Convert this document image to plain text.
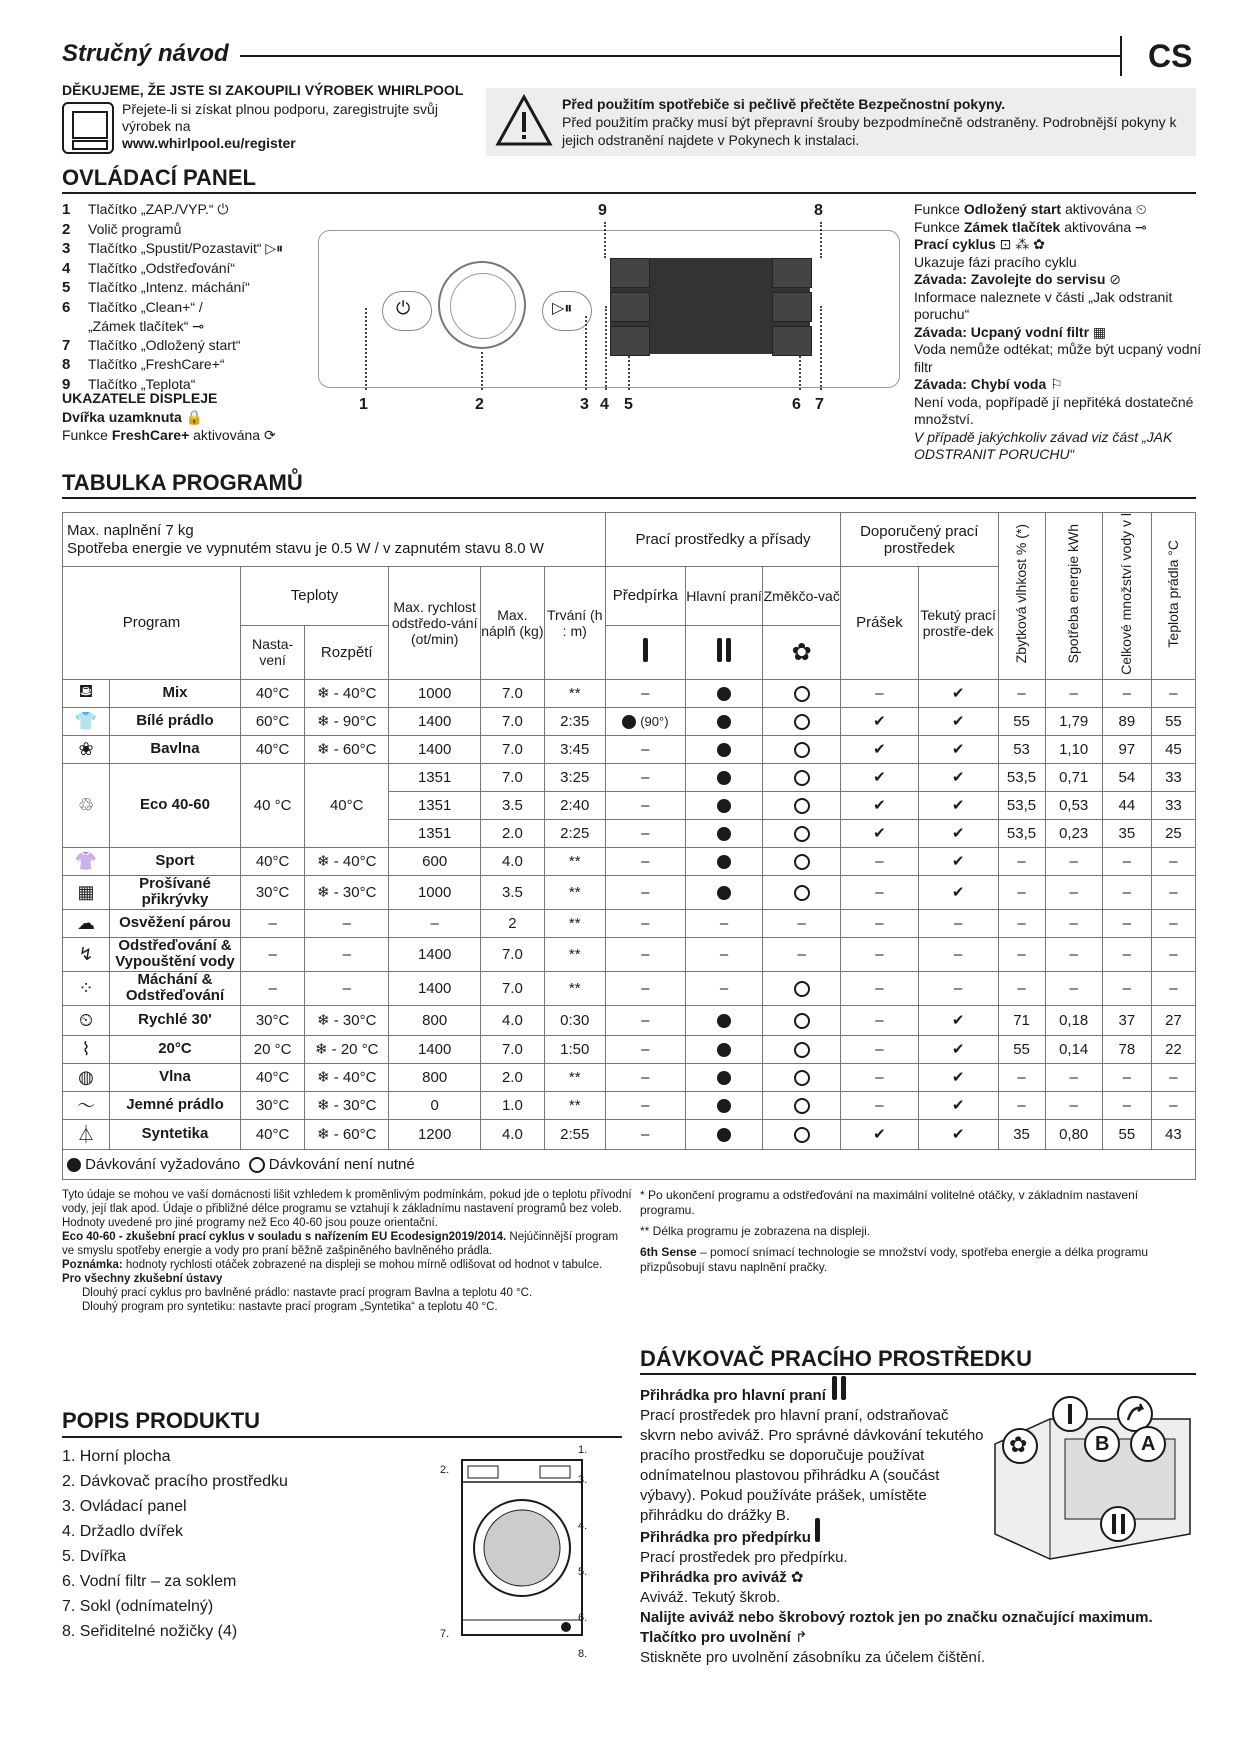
Stručný návod	CS
DĚKUJEME, ŽE JSTE SI ZAKOUPILI VÝROBEK WHIRLPOOL
Přejete-li si získat plnou podporu, zaregistrujte svůj výrobek na
www.whirlpool.eu/register
Před použitím spotřebiče si pečlivě přečtěte Bezpečnostní pokyny.
Před použitím pračky musí být přepravní šrouby bezpodmínečně odstraněny. Podrobnější pokyny k jejich odstranění najdete v Pokynech k instalaci.
OVLÁDACÍ PANEL
1 Tlačítko „ZAP./VYP.“ ⏻
2 Volič programů
3 Tlačítko „Spustit/Pozastavit“ ▷⏸
4 Tlačítko „Odstřeďování“
5 Tlačítko „Intenz. máchání“
6 Tlačítko „Clean+“ /
„Zámek tlačítek“ ⊸
7 Tlačítko „Odložený start“
8 Tlačítko „FreshCare+“
9 Tlačítko „Teplota“
UKAZATELE DISPLEJE
Dvířka uzamknuta 🔒
Funkce FreshCare+ aktivována ⟳
⏻	▷⏸
1	2	3 4 5	6 7
8
9	Funkce Odložený start aktivována ⏲
Funkce Zámek tlačítek aktivována ⊸
Prací cyklus ⊡ ⁂ ✿
Ukazuje fázi pracího cyklu
Závada: Zavolejte do servisu ⊘
Informace naleznete v části „Jak odstranit poruchu“
Závada: Ucpaný vodní filtr ▦
Voda nemůže odtékat; může být ucpaný vodní filtr
Závada: Chybí voda ⚐
Není voda, popřípadě jí nepřitéká dostatečné množství.
V případě jakýchkoliv závad viz část „JAK ODSTRANIT PORUCHU“
TABULKA PROGRAMŮ
Max. naplnění 7 kg
Spotřeba energie ve vypnutém stavu je 0.5 W / v zapnutém stavu 8.0 W							Prací prostředky a přísady			Doporučený prací prostředek		Zbytková vlhkost % (*)	Spotřeba energie kWh	Celkové množství vody v l	Teplota prádla °C
Program		Teploty		Max. rychlost odstředo-vání (ot/min)	Max. náplň (kg)	Trvání (h : m)	Předpírka	Hlavní praní	Změkčo-vač	Prášek	Tekutý prací prostře-dek				
		Nasta-vení	Rozpětí						✿						
⛾	Mix	40°C	❄ - 40°C	1000	7.0	**	–			–	✔	–	–	–	–
👕	Bílé prádlo	60°C	❄ - 90°C	1400	7.0	2:35	(90°)			✔	✔	55	1,79	89	55
❀	Bavlna	40°C	❄ - 60°C	1400	7.0	3:45	–			✔	✔	53	1,10	97	45
♲	Eco 40-60	40 °C	40°C	1351	7.0	3:25	–			✔	✔	53,5	0,71	54	33
				1351	3.5	2:40	–			✔	✔	53,5	0,53	44	33
				1351	2.0	2:25	–			✔	✔	53,5	0,23	35	25
👚	Sport	40°C	❄ - 40°C	600	4.0	**	–			–	✔	–	–	–	–
▦	Prošívané přikrývky	30°C	❄ - 30°C	1000	3.5	**	–			–	✔	–	–	–	–
☁	Osvěžení párou	–	–	–	2	**	–	–	–	–	–	–	–	–	–
↯	Odstřeďování & Vypouštění vody	–	–	1400	7.0	**	–	–	–	–	–	–	–	–	–
⁘	Máchání & Odstřeďování	–	–	1400	7.0	**	–	–		–	–	–	–	–	–
⏲	Rychlé 30'	30°C	❄ - 30°C	800	4.0	0:30	–			–	✔	71	0,18	37	27
⌇	20°C	20 °C	❄ - 20 °C	1400	7.0	1:50	–			–	✔	55	0,14	78	22
◍	Vlna	40°C	❄ - 40°C	800	2.0	**	–			–	✔	–	–	–	–
〜	Jemné prádlo	30°C	❄ - 30°C	0	1.0	**	–			–	✔	–	–	–	–
⏃	Syntetika	40°C	❄ - 60°C	1200	4.0	2:55	–			✔	✔	35	0,80	55	43
Dávkování vyžadováno Dávkování není nutné															
Tyto údaje se mohou ve vaší domácnosti lišit vzhledem k proměnlivým podmínkám, pokud jde o teplotu přívodní vody, její tlak apod. Údaje o přibližné délce programu se vztahují k základnímu nastavení programů bez voleb. Hodnoty uvedené pro jiné programy než Eco 40-60 jsou pouze orientační.
Eco 40-60 - zkušební prací cyklus v souladu s nařízením EU Ecodesign2019/2014. Nejúčinnější program ve smyslu spotřeby energie a vody pro praní běžně zašpiněného bavlněného prádla.
Poznámka: hodnoty rychlosti otáček zobrazené na displeji se mohou mírně odlišovat od hodnot v tabulce.
Pro všechny zkušební ústavy
Dlouhý prací cyklus pro bavlněné prádlo: nastavte prací program Bavlna a teplotu 40 °C.
Dlouhý program pro syntetiku: nastavte prací program „Syntetika“ a teplotu 40 °C.
* Po ukončení programu a odstřeďování na maximální volitelné otáčky, v základním nastavení programu.
** Délka programu je zobrazena na displeji.
6th Sense – pomocí snímací technologie se množství vody, spotřeba energie a délka programu přizpůsobují stavu naplnění pračky.
POPIS PRODUKTU
1. Horní plocha
2. Dávkovač pracího prostředku
3. Ovládací panel
4. Držadlo dvířek
5. Dvířka
6. Vodní filtr – za soklem
7. Sokl (odnímatelný)
8. Seřiditelné nožičky (4)
1.
2.
3.
4.
5.
6.
7.
8.
DÁVKOVAČ PRACÍHO PROSTŘEDKU
Přihrádka pro hlavní praní
Prací prostředek pro hlavní praní, odstraňovač skvrn nebo aviváž. Pro správné dávkování tekutého pracího prostředku se doporučuje používat odnímatelnou plastovou přihrádku A (součást výbavy). Pokud používáte prášek, umístěte přihrádku do drážky B.
Přihrádka pro předpírku
Prací prostředek pro předpírku.
Přihrádka pro aviváž ✿
Aviváž. Tekutý škrob.
Nalijte aviváž nebo škrobový roztok jen po značku označující maximum.
Tlačítko pro uvolnění ↱
Stiskněte pro uvolnění zásobníku za účelem čištění.
✿	B A
